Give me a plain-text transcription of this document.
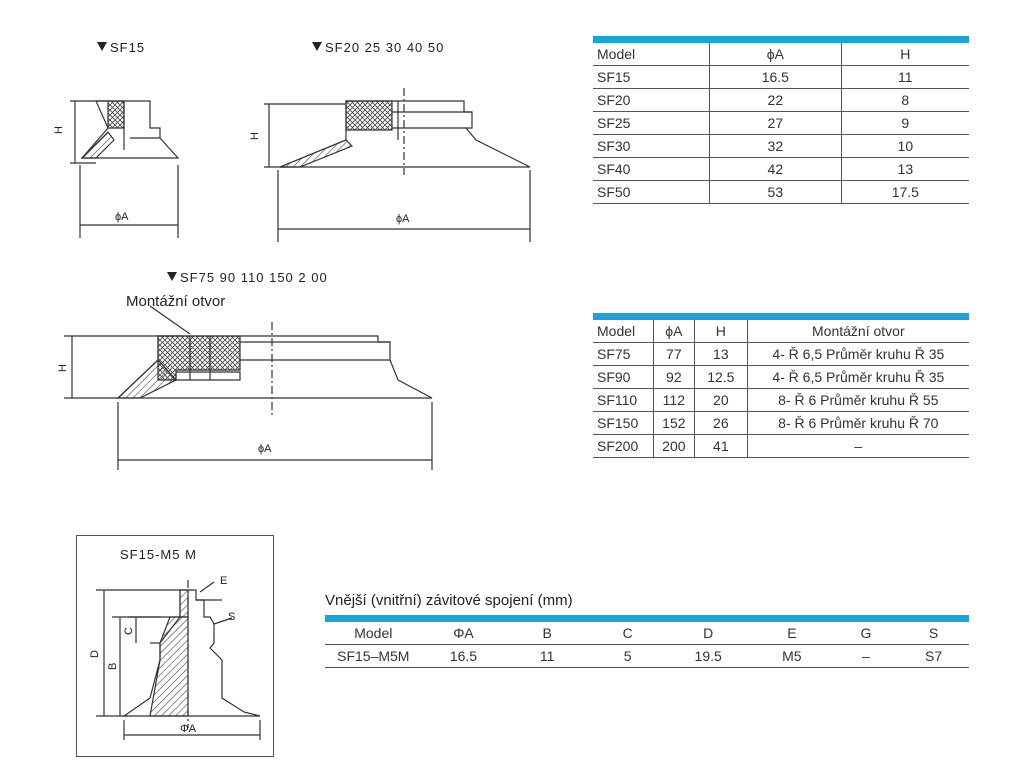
H
ϕA
H
ϕA
H
ϕA
D
B
C
E
S
ΦA
SF15	SF20 25 30 40 50
SF75 90 110 150 2 00
Montážní otvor
Model	ϕA	H
SF15	16.5	11
SF20	22	8
SF25	27	9
SF30	32	10
SF40	42	13
SF50	53	17.5
Model	ϕA	H	Montážní otvor
SF75	77	13	4- Ř 6,5 Průměr kruhu Ř 35
SF90	92	12.5	4- Ř 6,5 Průměr kruhu Ř 35
SF110	112	20	8- Ř 6 Průměr kruhu Ř 55
SF150	152	26	8- Ř 6 Průměr kruhu Ř 70
SF200	200	41	–
SF15-M5 M
Vnější (vnitřní) závitové spojení (mm)
Model	ΦA	B	C	D	E	G	S
SF15–M5M	16.5	11	5	19.5	M5	–	S7
